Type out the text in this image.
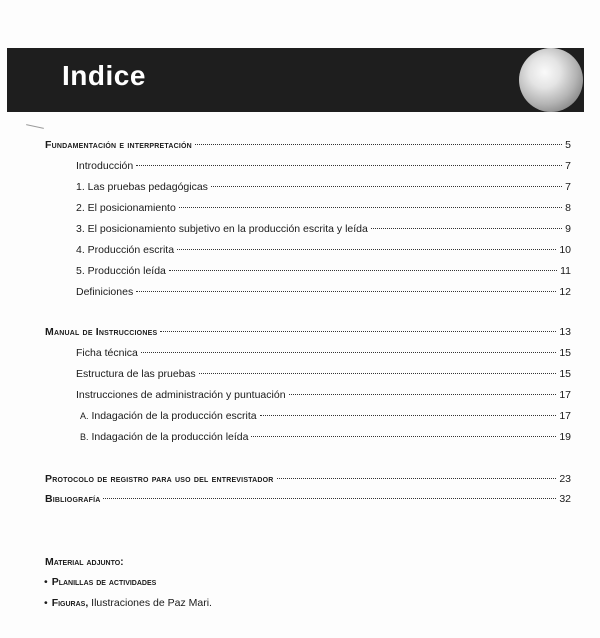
Indice
Fundamentación e interpretación	5
Introducción	7
1. Las pruebas pedagógicas	7
2. El posicionamiento	8
3. El posicionamiento subjetivo en la producción escrita y leída	9
4. Producción escrita	10
5. Producción leída	11
Definiciones	12
Manual de Instrucciones	13
Ficha técnica	15
Estructura de las pruebas	15
Instrucciones de administración y puntuación	17
A. Indagación de la producción escrita	17
B. Indagación de la producción leída	19
Protocolo de registro para uso del entrevistador	23
Bibliografía	32
Material adjunto:
• Planillas de actividades
• Figuras, Ilustraciones de Paz Mari.
